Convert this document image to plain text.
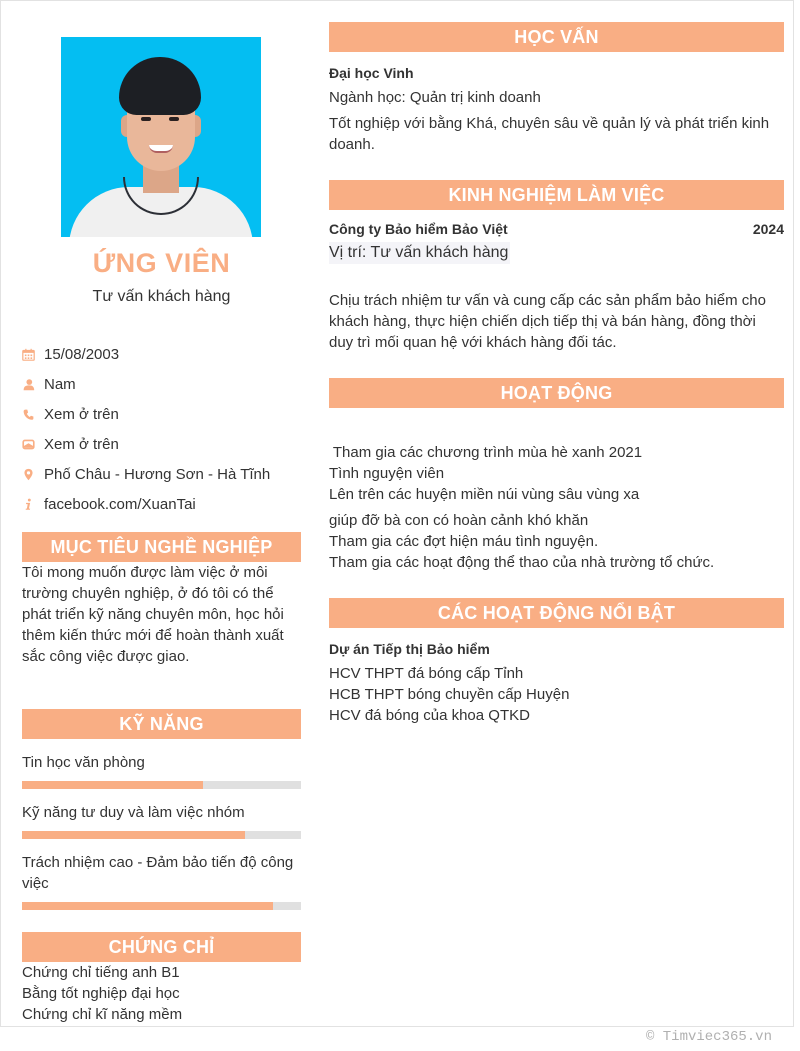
ỨNG VIÊN
Tư vấn khách hàng
15/08/2003
Nam
Xem ở trên
Xem ở trên
Phố Châu - Hương Sơn - Hà Tĩnh
facebook.com/XuanTai
MỤC TIÊU NGHỀ NGHIỆP

Tôi mong muốn được làm việc ở môi trường chuyên nghiệp, ở đó tôi có thể phát triển kỹ năng chuyên môn, học hỏi thêm kiến thức mới để hoàn thành xuất sắc công việc được giao.

KỸ NĂNG
Tin học văn phòng
Kỹ năng tư duy và làm việc nhóm
Trách nhiệm cao - Đảm bảo tiến độ công việc
CHỨNG CHỈ
Chứng chỉ tiếng anh B1
Bằng tốt nghiệp đại học
Chứng chỉ kĩ năng mềm
HỌC VẤN
Đại học Vinh
Ngành học: Quản trị kinh doanh
Tốt nghiệp với bằng Khá, chuyên sâu về quản lý và phát triển kinh doanh.
KINH NGHIỆM LÀM VIỆC
Công ty Bảo hiểm Bảo Việt	2024
Vị trí: Tư vấn khách hàng
Chịu trách nhiệm tư vấn và cung cấp các sản phẩm bảo hiểm cho khách hàng, thực hiện chiến dịch tiếp thị và bán hàng, đồng thời duy trì mối quan hệ với khách hàng đối tác.
HOẠT ĐỘNG
Tham gia các chương trình mùa hè xanh 2021
Tình nguyện viên
Lên trên các huyện miền núi vùng sâu vùng xa
giúp đỡ bà con có hoàn cảnh khó khăn
Tham gia các đợt hiện máu tình nguyện.
Tham gia các hoạt động thể thao của nhà trường tổ chức.
CÁC HOẠT ĐỘNG NỔI BẬT
Dự án Tiếp thị Bảo hiểm
HCV THPT đá bóng cấp Tỉnh
HCB THPT bóng chuyền cấp Huyện
HCV đá bóng của khoa QTKD
© Timviec365.vn
